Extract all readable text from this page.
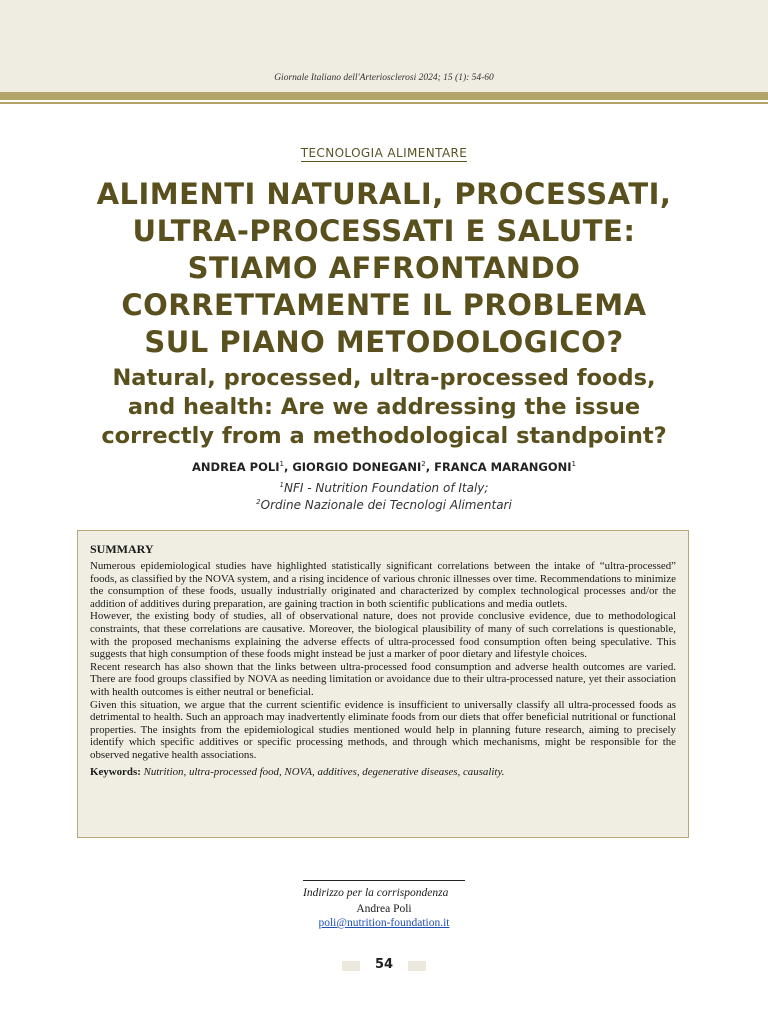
Giornale Italiano dell'Arteriosclerosi 2024; 15 (1): 54-60
TECNOLOGIA ALIMENTARE
ALIMENTI NATURALI, PROCESSATI,
ULTRA-PROCESSATI E SALUTE:
STIAMO AFFRONTANDO
CORRETTAMENTE IL PROBLEMA
SUL PIANO METODOLOGICO?
Natural, processed, ultra-processed foods,
and health: Are we addressing the issue
correctly from a methodological standpoint?
ANDREA POLI$^1$, GIORGIO DONEGANI$^2$, FRANCA MARANGONI$^1$
$^1$NFI - Nutrition Foundation of Italy;
$^2$Ordine Nazionale dei Tecnologi Alimentari
SUMMARY

Numerous epidemiological studies have highlighted statistically significant correlations between the intake of “ultra-processed” foods, as classified by the NOVA system, and a rising incidence of various chronic illnesses over time. Recommendations to minimize the consumption of these foods, usually industrially originated and characterized by complex technological processes and/or the addition of additives during preparation, are gaining traction in both scientific publications and media outlets.

However, the existing body of studies, all of observational nature, does not provide conclusive evidence, due to methodological constraints, that these correlations are causative. Moreover, the biological plausibility of many of such correlations is questionable, with the proposed mechanisms explaining the adverse effects of ultra-processed food consumption often being speculative. This suggests that high consumption of these foods might instead be just a marker of poor dietary and lifestyle choices.

Recent research has also shown that the links between ultra-processed food consumption and adverse health outcomes are varied. There are food groups classified by NOVA as needing limitation or avoidance due to their ultra-processed nature, yet their association with health outcomes is either neutral or beneficial.

Given this situation, we argue that the current scientific evidence is insufficient to universally classify all ultra-processed foods as detrimental to health. Such an approach may inadvertently eliminate foods from our diets that offer beneficial nutritional or functional properties. The insights from the epidemiological studies mentioned would help in planning future research, aiming to precisely identify which specific additives or specific processing methods, and through which mechanisms, might be responsible for the observed negative health associations.

Keywords: Nutrition, ultra-processed food, NOVA, additives, degenerative diseases, causality.
Indirizzo per la corrispondenza
Andrea Poli
poli@nutrition-foundation.it
54
